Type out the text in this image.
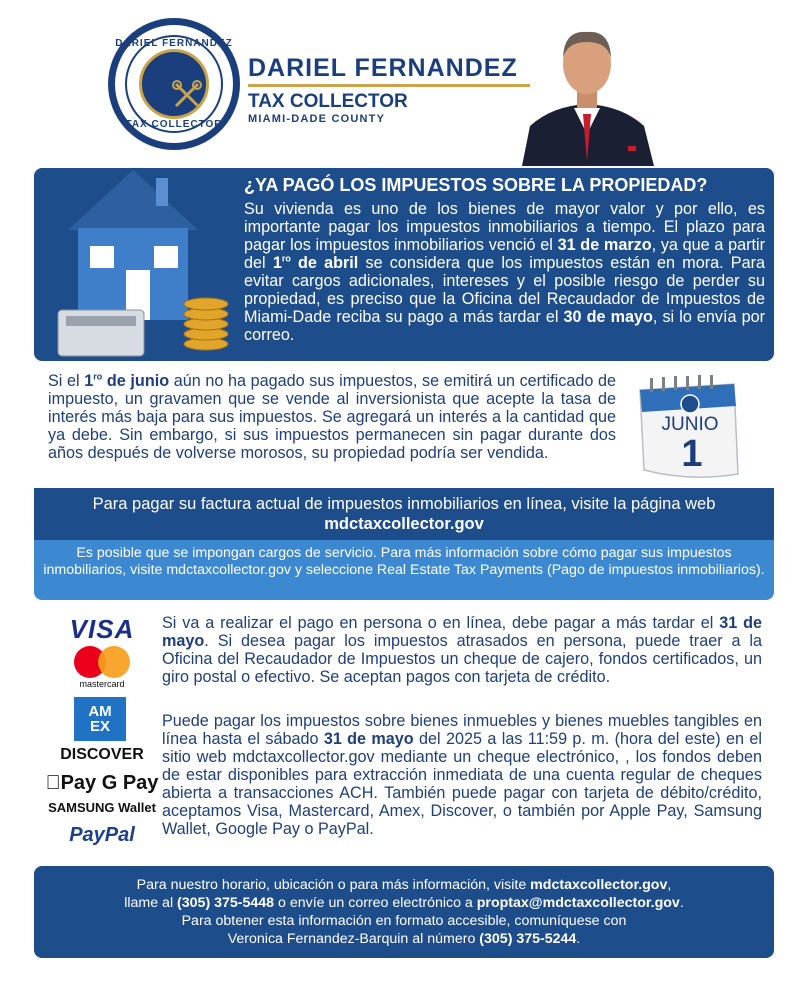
DARIEL FERNANDEZ
TAX COLLECTOR
DARIEL FERNANDEZ
TAX COLLECTOR
MIAMI-DADE COUNTY
¿YA PAGÓ LOS IMPUESTOS SOBRE LA PROPIEDAD?
Su vivienda es uno de los bienes de mayor valor y por ello, es importante pagar los impuestos inmobiliarios a tiempo. El plazo para pagar los impuestos inmobiliarios venció el 31 de marzo, ya que a partir del $1^{ro}$ de abril se considera que los impuestos están en mora. Para evitar cargos adicionales, intereses y el posible riesgo de perder su propiedad, es preciso que la Oficina del Recaudador de Impuestos de Miami-Dade reciba su pago a más tardar el 30 de mayo, si lo envía por correo.
Si el $1^{ro}$ de junio aún no ha pagado sus impuestos, se emitirá un certificado de impuesto, un gravamen que se vende al inversionista que acepte la tasa de interés más baja para sus impuestos. Se agregará un interés a la cantidad que ya debe. Sin embargo, si sus impuestos permanecen sin pagar durante dos años después de volverse morosos, su propiedad podría ser vendida.
JUNIO
1
Para pagar su factura actual de impuestos inmobiliarios en línea, visite la página web mdctaxcollector.gov
Es posible que se impongan cargos de servicio. Para más información sobre cómo pagar sus impuestos inmobiliarios, visite mdctaxcollector.gov y seleccione Real Estate Tax Payments (Pago de impuestos inmobiliarios).
VISA
mastercard
AM
EX
DISCOVER
Pay G Pay
SAMSUNG Wallet
PayPal
Si va a realizar el pago en persona o en línea, debe pagar a más tardar el 31 de mayo. Si desea pagar los impuestos atrasados en persona, puede traer a la Oficina del Recaudador de Impuestos un cheque de cajero, fondos certificados, un giro postal o efectivo. Se aceptan pagos con tarjeta de crédito.
Puede pagar los impuestos sobre bienes inmuebles y bienes muebles tangibles en línea hasta el sábado 31 de mayo del 2025 a las 11:59 p. m. (hora del este) en el sitio web mdctaxcollector.gov mediante un cheque electrónico, , los fondos deben de estar disponibles para extracción inmediata de una cuenta regular de cheques abierta a transacciones ACH. También puede pagar con tarjeta de débito/crédito, aceptamos Visa, Mastercard, Amex, Discover, o también por Apple Pay, Samsung Wallet, Google Pay o PayPal.
Para nuestro horario, ubicación o para más información, visite mdctaxcollector.gov,
llame al (305) 375-5448 o envíe un correo electrónico a proptax@mdctaxcollector.gov.
Para obtener esta información en formato accesible, comuníquese con
Veronica Fernandez-Barquin al número (305) 375-5244.
